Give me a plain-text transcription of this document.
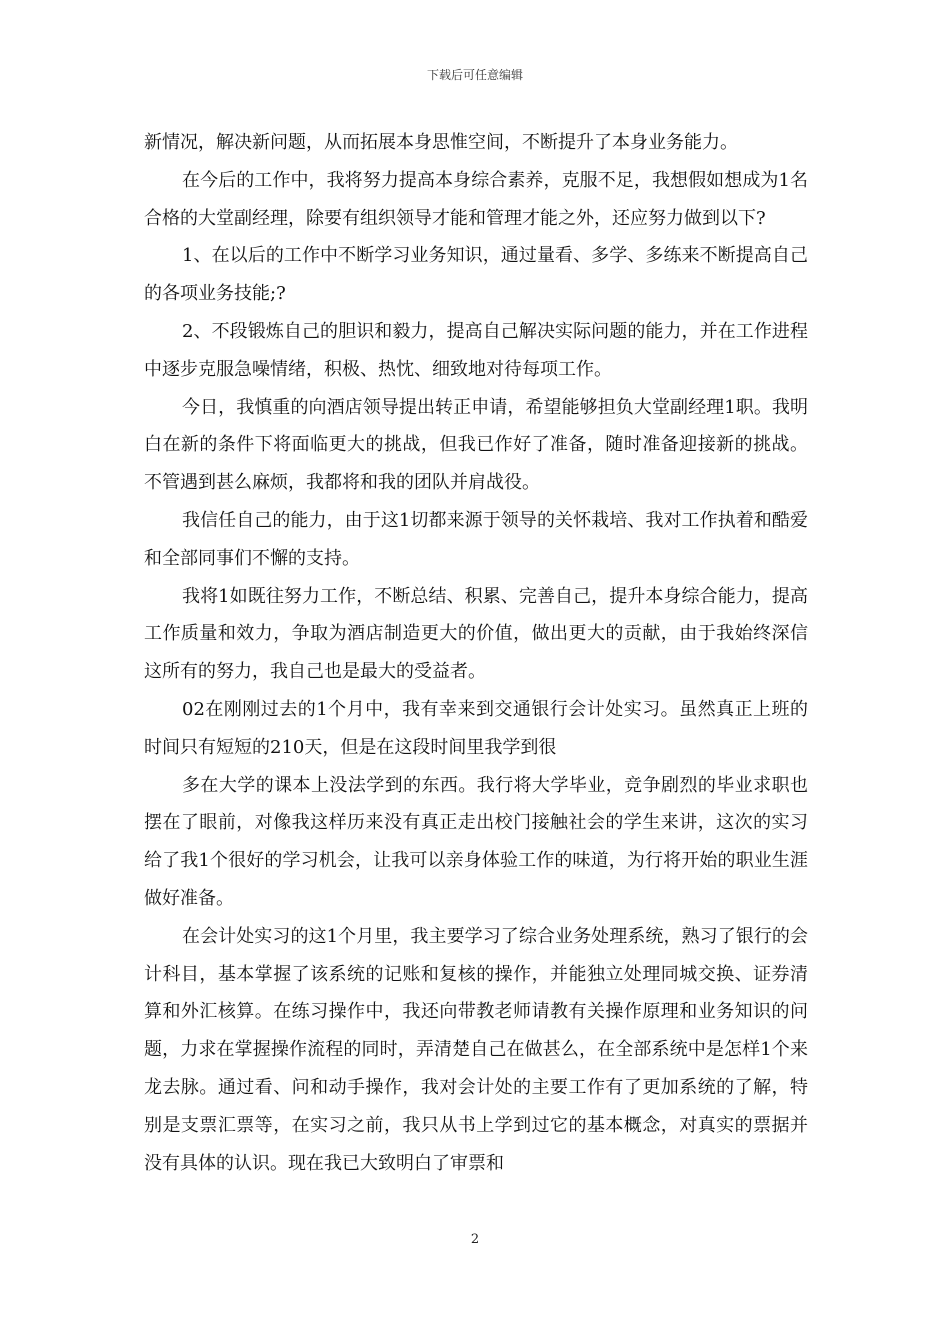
下载后可任意编辑

新情况，解决新问题，从而拓展本身思惟空间，不断提升了本身业务能力。

在今后的工作中，我将努力提高本身综合素养，克服不足，我想假如想成为1名合格的大堂副经理，除要有组织领导才能和管理才能之外，还应努力做到以下?

1、在以后的工作中不断学习业务知识，通过量看、多学、多练来不断提高自己的各项业务技能;?

2、不段锻炼自己的胆识和毅力，提高自己解决实际问题的能力，并在工作进程中逐步克服急噪情绪，积极、热忱、细致地对待每项工作。

今日，我慎重的向酒店领导提出转正申请，希望能够担负大堂副经理1职。我明白在新的条件下将面临更大的挑战，但我已作好了准备，随时准备迎接新的挑战。不管遇到甚么麻烦，我都将和我的团队并肩战役。

我信任自己的能力，由于这1切都来源于领导的关怀栽培、我对工作执着和酷爱和全部同事们不懈的支持。

我将1如既往努力工作，不断总结、积累、完善自己，提升本身综合能力，提高工作质量和效力，争取为酒店制造更大的价值，做出更大的贡献，由于我始终深信这所有的努力，我自己也是最大的受益者。

02在刚刚过去的1个月中，我有幸来到交通银行会计处实习。虽然真正上班的时间只有短短的210天，但是在这段时间里我学到很

多在大学的课本上没法学到的东西。我行将大学毕业，竞争剧烈的毕业求职也摆在了眼前，对像我这样历来没有真正走出校门接触社会的学生来讲，这次的实习给了我1个很好的学习机会，让我可以亲身体验工作的味道，为行将开始的职业生涯做好准备。

在会计处实习的这1个月里，我主要学习了综合业务处理系统，熟习了银行的会计科目，基本掌握了该系统的记账和复核的操作，并能独立处理同城交换、证券清算和外汇核算。在练习操作中，我还向带教老师请教有关操作原理和业务知识的问题，力求在掌握操作流程的同时，弄清楚自己在做甚么，在全部系统中是怎样1个来龙去脉。通过看、问和动手操作，我对会计处的主要工作有了更加系统的了解，特别是支票汇票等，在实习之前，我只从书上学到过它的基本概念，对真实的票据并没有具体的认识。现在我已大致明白了审票和

2
